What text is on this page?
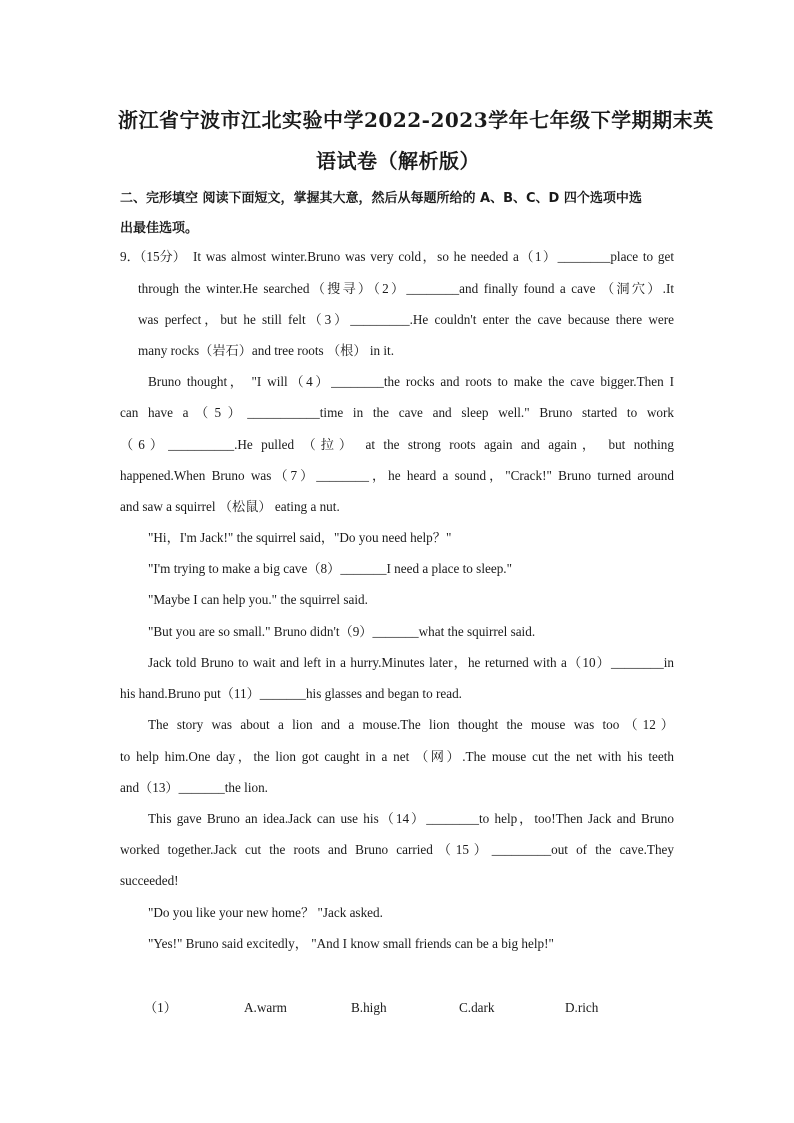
浙江省宁波市江北实验中学2022-2023学年七年级下学期期末英
语试卷（解析版）
二、完形填空 阅读下面短文，掌握其大意，然后从每题所给的 A、B、C、D 四个选项中选
出最佳选项。
9．（15分） It was almost winter.Bruno was very cold，so he needed a（1）________place to get
through the winter.He searched（搜寻）（2）________and finally found a cave （洞穴）.It
was perfect，but he still felt（3）_________.He couldn't enter the cave because there were
many rocks（岩石）and tree roots （根） in it.
Bruno thought， "I will（4）________the rocks and roots to make the cave bigger.Then I
can have a（5）___________time in the cave and sleep well." Bruno started to work
（6）__________.He pulled （拉） at the strong roots again and again， but nothing
happened.When Bruno was（7）________，he heard a sound，"Crack!" Bruno turned around
and saw a squirrel （松鼠） eating a nut.
"Hi，I'm Jack!" the squirrel said，"Do you need help？"
"I'm trying to make a big cave（8）_______I need a place to sleep."
"Maybe I can help you." the squirrel said.
"But you are so small." Bruno didn't（9）_______what the squirrel said.
Jack told Bruno to wait and left in a hurry.Minutes later，he returned with a（10）________in
his hand.Bruno put（11）_______his glasses and began to read.
The story was about a lion and a mouse.The lion thought the mouse was too（12）
to help him.One day，the lion got caught in a net （网）.The mouse cut the net with his teeth
and（13）_______the lion.
This gave Bruno an idea.Jack can use his（14）________to help，too!Then Jack and Bruno
worked together.Jack cut the roots and Bruno carried（15）_________out of the cave.They
succeeded!
"Do you like your new home？ "Jack asked.
"Yes!" Bruno said excitedly， "And I know small friends can be a big help!"
（1）	A.warm	B.high	C.dark	D.rich
